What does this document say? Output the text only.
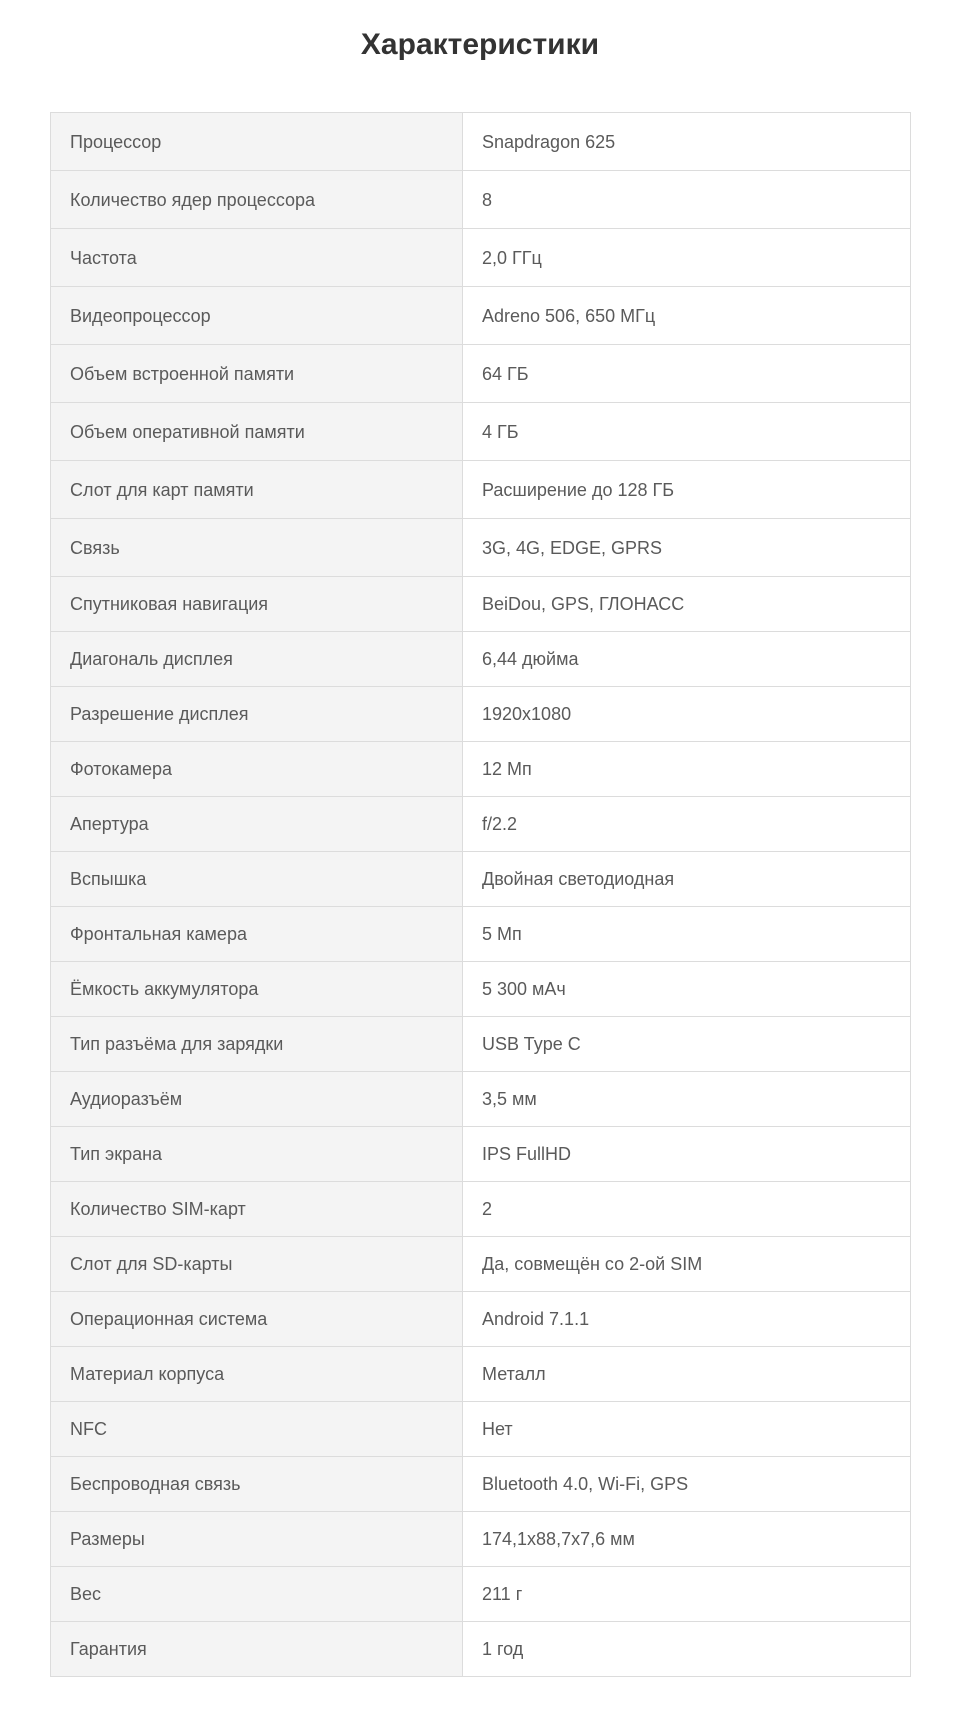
Характеристики
Процессор	Snapdragon 625
Количество ядер процессора	8
Частота	2,0 ГГц
Видеопроцессор	Adreno 506, 650 МГц
Объем встроенной памяти	64 ГБ
Объем оперативной памяти	4 ГБ
Слот для карт памяти	Расширение до 128 ГБ
Связь	3G, 4G, EDGE, GPRS
Спутниковая навигация	BeiDou, GPS, ГЛОНАСС
Диагональ дисплея	6,44 дюйма
Разрешение дисплея	1920x1080
Фотокамера	12 Мп
Апертура	f/2.2
Вспышка	Двойная светодиодная
Фронтальная камера	5 Мп
Ёмкость аккумулятора	5 300 мАч
Тип разъёма для зарядки	USB Type C
Аудиоразъём	3,5 мм
Тип экрана	IPS FullHD
Количество SIM-карт	2
Слот для SD-карты	Да, совмещён со 2-ой SIM
Операционная система	Android 7.1.1
Материал корпуса	Металл
NFC	Нет
Беспроводная связь	Bluetooth 4.0, Wi-Fi, GPS
Размеры	174,1x88,7x7,6 мм
Вес	211 г
Гарантия	1 год
